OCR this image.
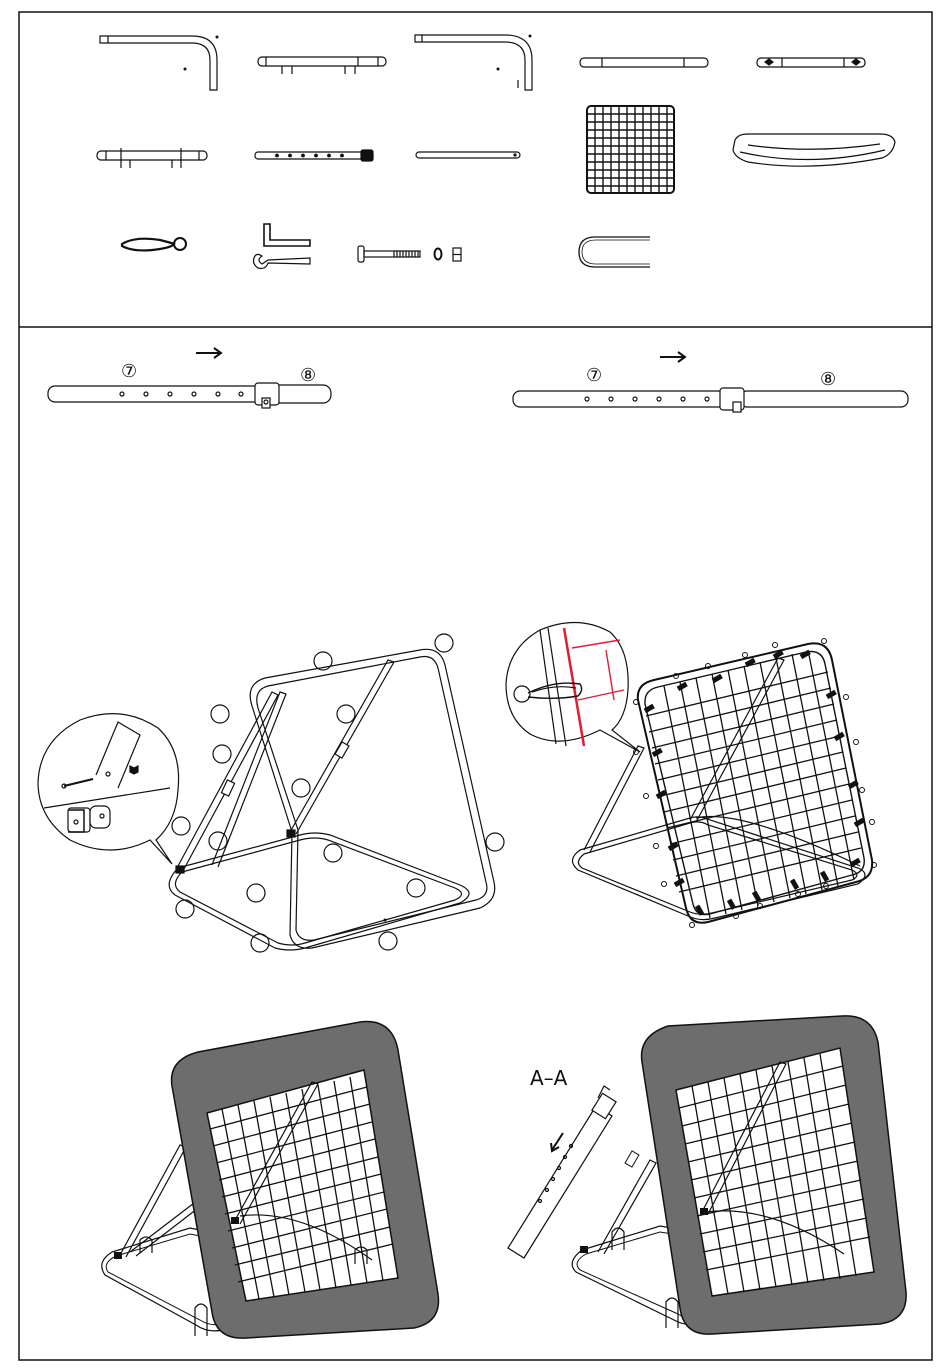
⑦	⑧	⑦	⑧
A–A
